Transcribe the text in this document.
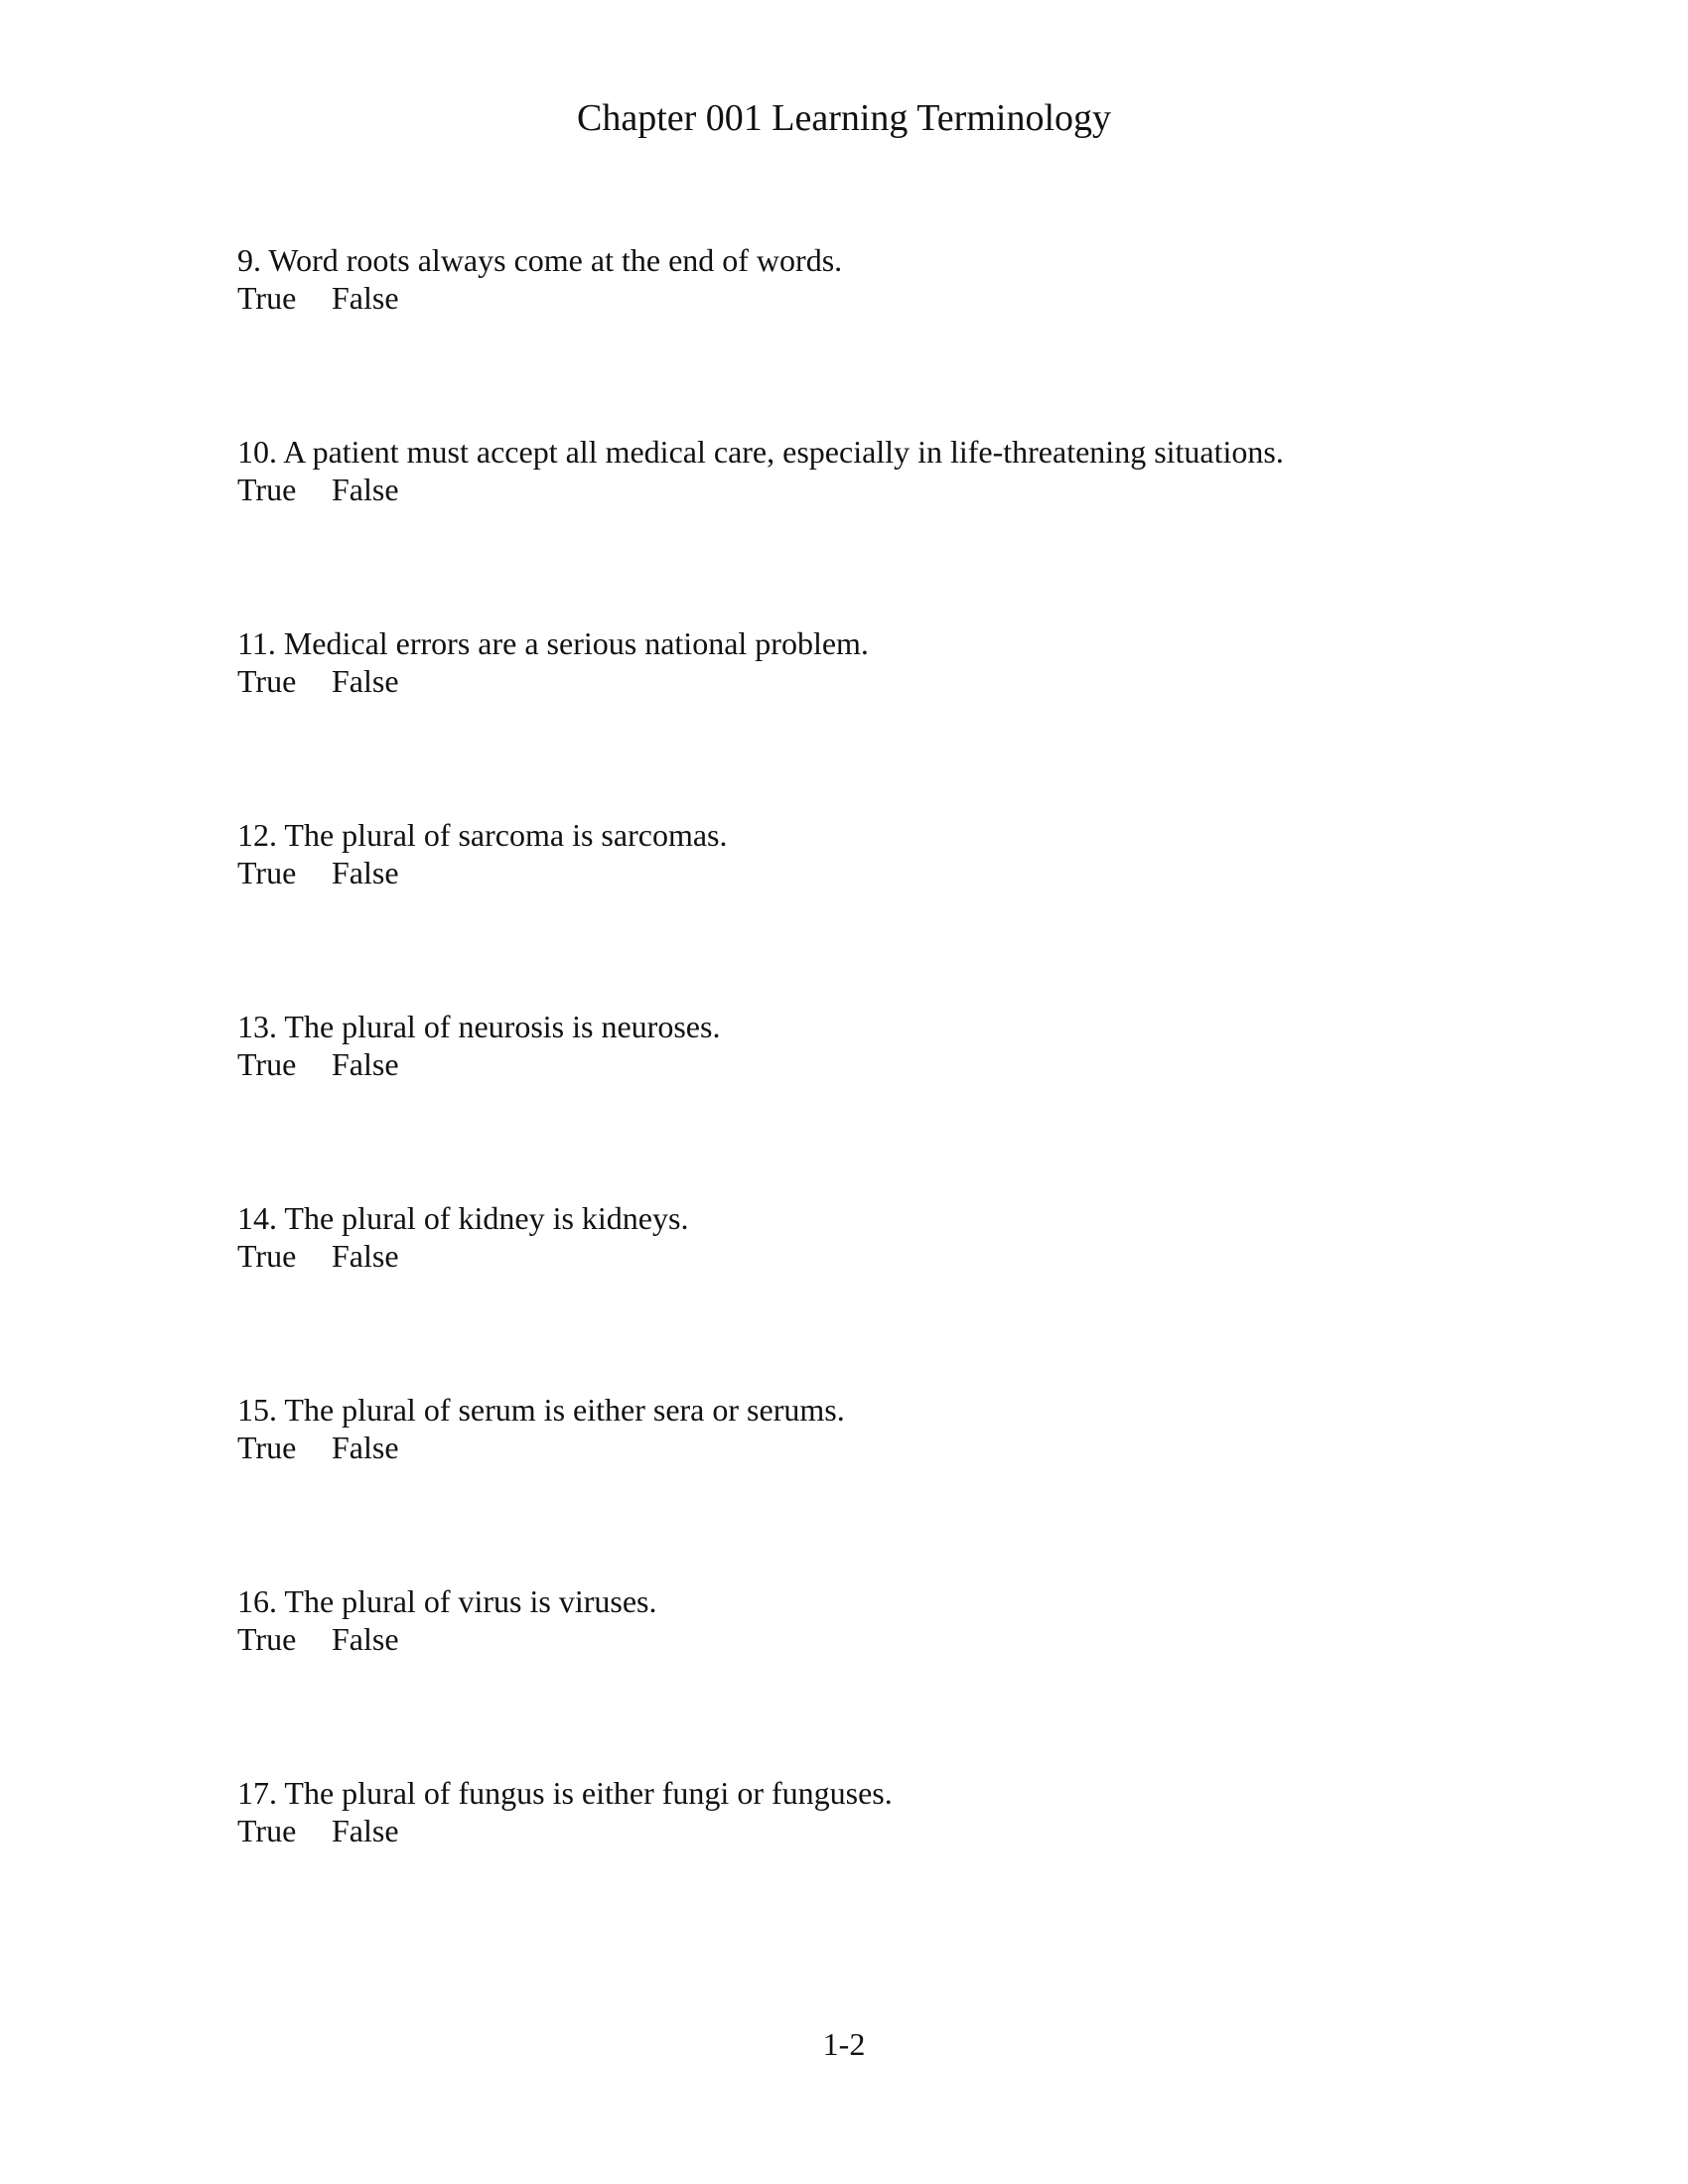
Chapter 001 Learning Terminology
9. Word roots always come at the end of words.
True False
10. A patient must accept all medical care, especially in life-threatening situations.
True False
11. Medical errors are a serious national problem.
True False
12. The plural of sarcoma is sarcomas.
True False
13. The plural of neurosis is neuroses.
True False
14. The plural of kidney is kidneys.
True False
15. The plural of serum is either sera or serums.
True False
16. The plural of virus is viruses.
True False
17. The plural of fungus is either fungi or funguses.
True False
1-2
